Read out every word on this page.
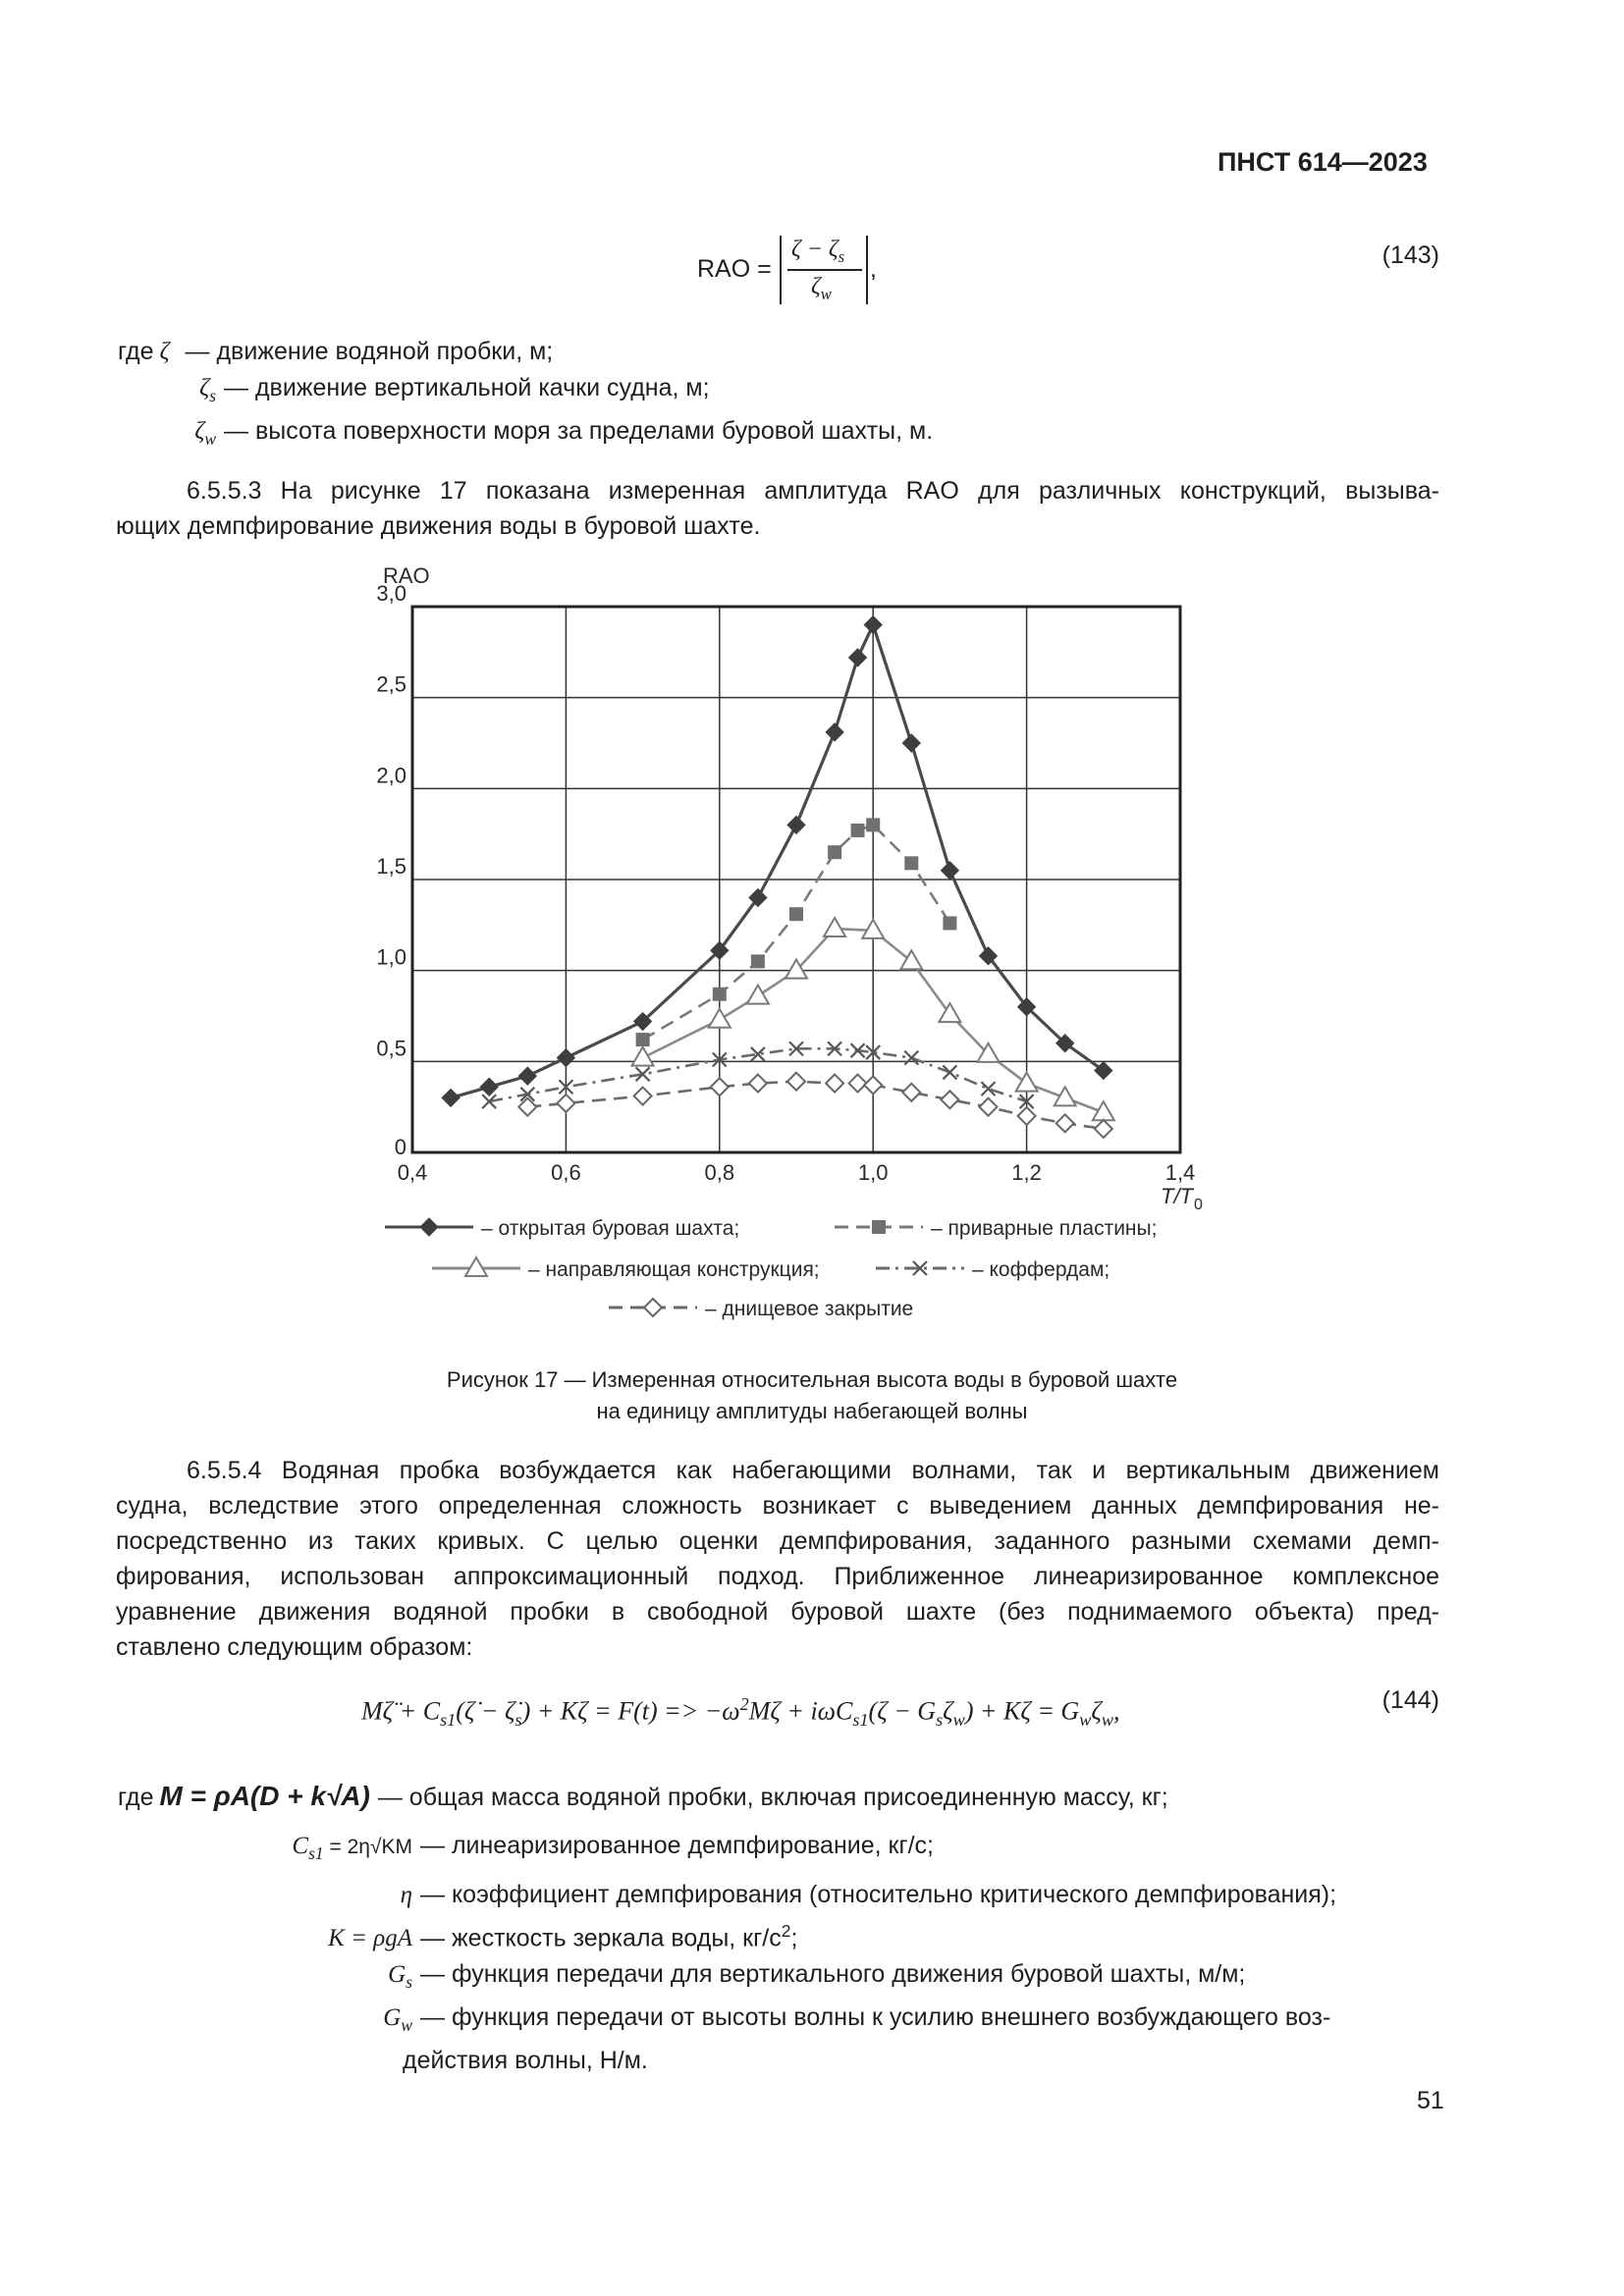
ПНСТ 614—2023
RAO =
$\zeta - \zeta_s$
$\zeta_w$
,	(143)
где ζ — движение водяной пробки, м;
$\zeta_s$ — движение вертикальной качки судна, м;
$\zeta_w$ — высота поверхности моря за пределами буровой шахты, м.
6.5.5.3 На рисунке 17 показана измеренная амплитуда RAO для различных конструкций, вызыва-
ющих демпфирование движения воды в буровой шахте.
0,4	0,6	0,8	1,0	1,2	1,4
0
0,5
1,0
1,5
2,0
2,5
3,0
RAO
T/T 0
– открытая буровая шахта;	– приварные пластины;
– направляющая конструкция;	– коффердам;
– днищевое закрытие
Рисунок 17 — Измеренная относительная высота воды в буровой шахте
на единицу амплитуды набегающей волны
6.5.5.4 Водяная пробка возбуждается как набегающими волнами, так и вертикальным движением
судна, вследствие этого определенная сложность возникает с выведением данных демпфирования не-
посредственно из таких кривых. С целью оценки демпфирования, заданного разными схемами демп-
фирования, использован аппроксимационный подход. Приближенное линеаризированное комплексное
уравнение движения водяной пробки в свободной буровой шахте (без поднимаемого объекта) пред-
ставлено следующим образом:
Mζ̈ + $C_{s1}(\zetȧ$ − $\zetȧ_s) + K\zeta = F(t) => -\omega^2M\zeta + i\omega C_{s1}(\zeta - G_s\zeta_w) + K\zeta = G_w\zeta_w$,	(144)
где M = ρA(D + k√A) — общая масса водяной пробки, включая присоединенную массу, кг;
$C_{s1} = 2\eta√KM$ — линеаризированное демпфирование, кг/с;
η — коэффициент демпфирования (относительно критического демпфирования);
K = ρgA — жесткость зеркала воды, $кг/с^2$;
$G_s$ — функция передачи для вертикального движения буровой шахты, м/м;
$G_w$ — функция передачи от высоты волны к усилию внешнего возбуждающего воз-
действия волны, Н/м.
51
